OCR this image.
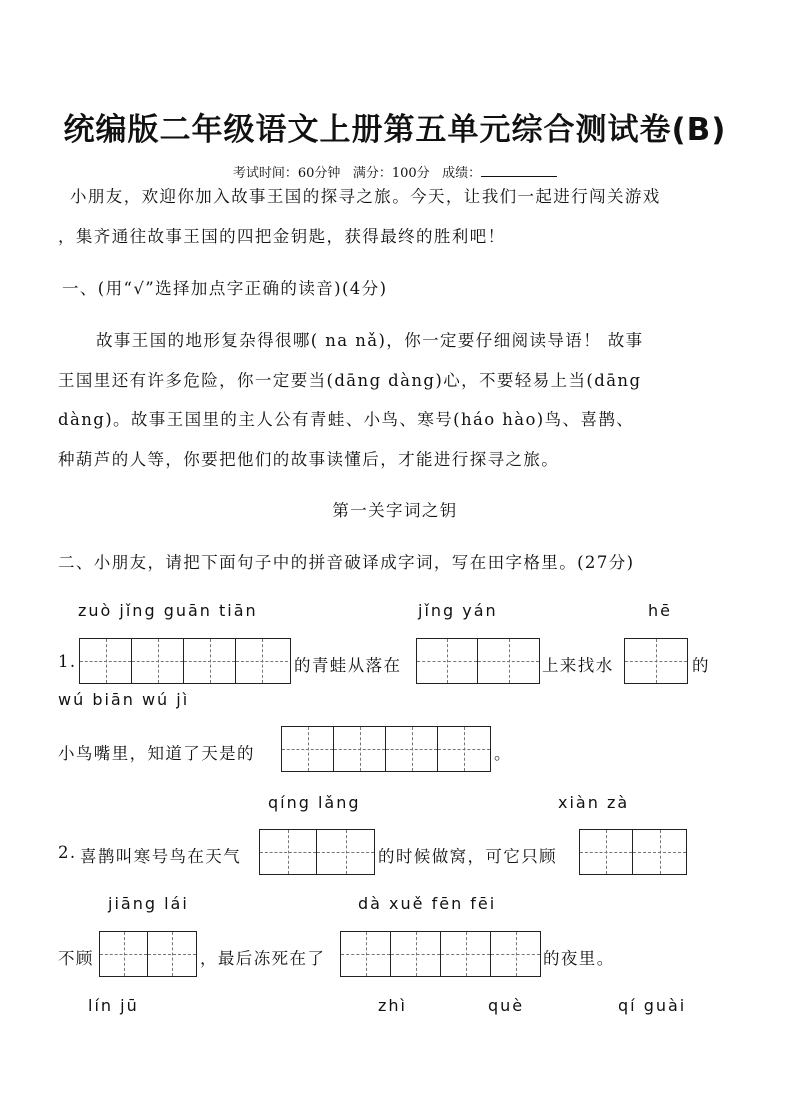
统编版二年级语文上册第五单元综合测试卷(B)
考试时间：60分钟 满分：100分 成绩：
小朋友，欢迎你加入故事王国的探寻之旅。今天，让我们一起进行闯关游戏
，集齐通往故事王国的四把金钥匙，获得最终的胜利吧！
一、(用“√”选择加点字正确的读音)(4分)
故事王国的地形复杂得很哪( na nǎ)，你一定要仔细阅读导语！ 故事
王国里还有许多危险，你一定要当(dāng dàng)心，不要轻易上当(dāng
dàng)。故事王国里的主人公有青蛙、小鸟、寒号(háo hào)鸟、喜鹊、
种葫芦的人等，你要把他们的故事读懂后，才能进行探寻之旅。
第一关字词之钥
二、小朋友，请把下面句子中的拼音破译成字词，写在田字格里。(27分)
zuò jǐng guān tiān	jǐng yán	hē
1.	的青蛙从落在	上来找水	的
wú biān wú jì
小鸟嘴里，知道了天是的	。
qíng lǎng	xiàn zà
2. 喜鹊叫寒号鸟在天气	的时候做窝，可它只顾
jiāng lái	dà xuě fēn fēi
不顾	，最后冻死在了	的夜里。
lín jū	zhì	què	qí guài
